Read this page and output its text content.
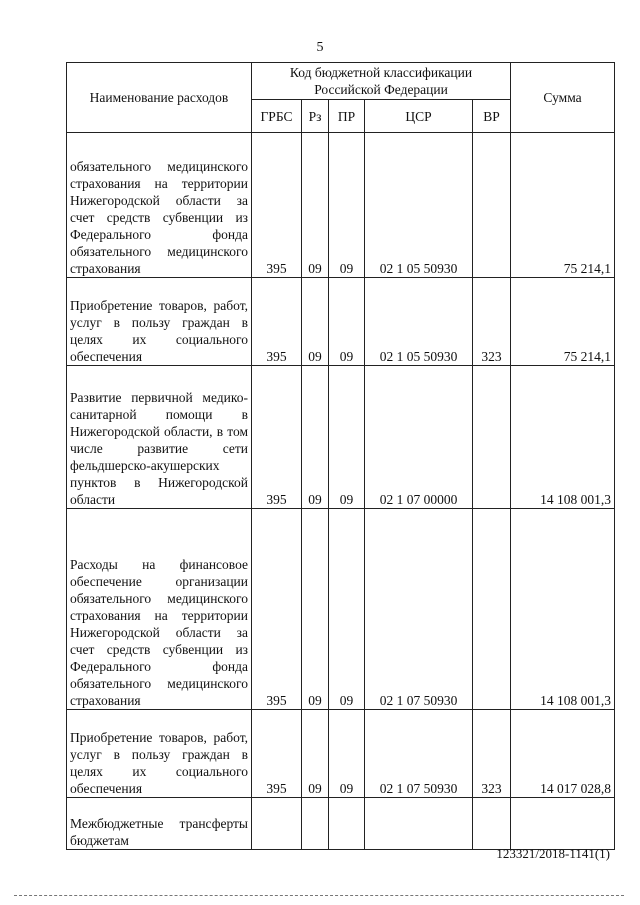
5
Наименование расходов	Код бюджетной классификации Российской Федерации					Сумма
	ГРБС	Рз	ПР	ЦСР	ВР	
обязательного медицинского страхования на территории Нижегородской области за счет средств субвенции из Федерального фонда обязательного медицинского страхования	395	09	09	02 1 05 50930		75 214,1
Приобретение товаров, работ, услуг в пользу граждан в целях их социального обеспечения	395	09	09	02 1 05 50930	323	75 214,1
Развитие первичной медико-санитарной помощи в Нижегородской области, в том числе развитие сети фельдшерско-акушерских пунктов в Нижегородской области	395	09	09	02 1 07 00000		14 108 001,3
Расходы на финансовое обеспечение организации обязательного медицинского страхования на территории Нижегородской области за счет средств субвенции из Федерального фонда обязательного медицинского страхования	395	09	09	02 1 07 50930		14 108 001,3
Приобретение товаров, работ, услуг в пользу граждан в целях их социального обеспечения	395	09	09	02 1 07 50930	323	14 017 028,8
Межбюджетные трансферты бюджетам						
123321/2018-1141(1)
